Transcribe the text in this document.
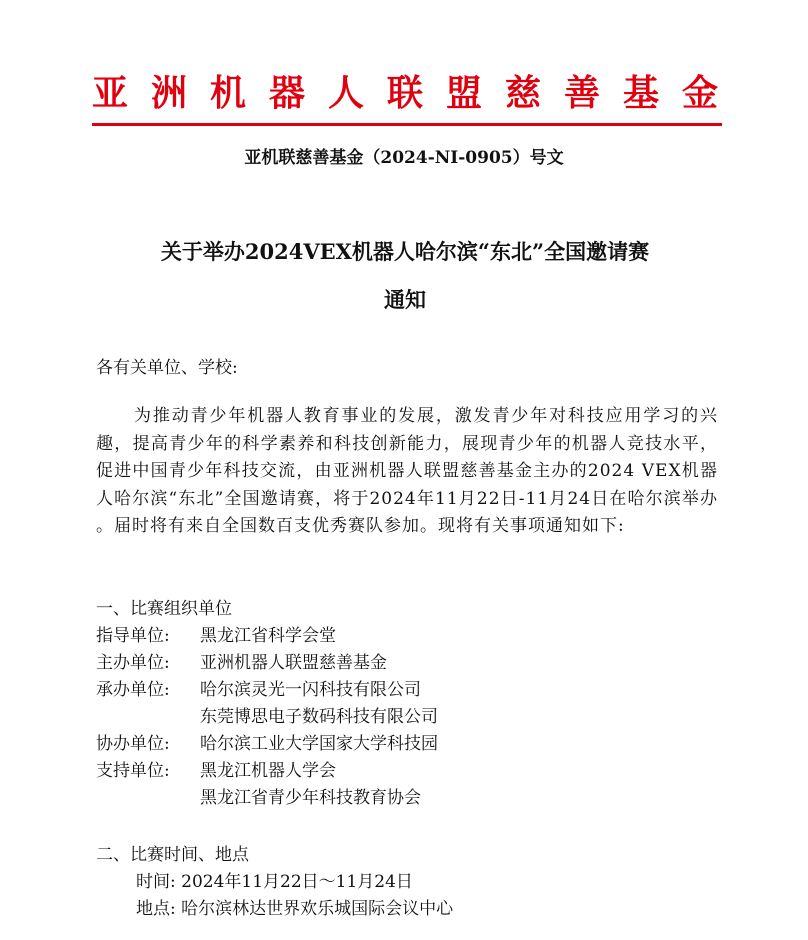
亚 洲 机 器 人 联 盟 慈 善 基 金
亚机联慈善基金（2024-NI-0905）号文
关于举办2024VEX机器人哈尔滨“东北”全国邀请赛
通知
各有关单位、学校:
为推动青少年机器人教育事业的发展，激发青少年对科技应用学习的兴趣，提高青少年的科学素养和科技创新能力，展现青少年的机器人竞技水平，促进中国青少年科技交流，由亚洲机器人联盟慈善基金主办的2024 VEX机器人哈尔滨“东北”全国邀请赛，将于2024年11月22日-11月24日在哈尔滨举办 。届时将有来自全国数百支优秀赛队参加。现将有关事项通知如下:
一、比赛组织单位
指导单位:	黑龙江省科学会堂
主办单位:	亚洲机器人联盟慈善基金
承办单位:	哈尔滨灵光一闪科技有限公司
东莞博思电子数码科技有限公司
协办单位:	哈尔滨工业大学国家大学科技园
支持单位:	黑龙江机器人学会
黑龙江省青少年科技教育协会
二、比赛时间、地点
时间: 2024年11月22日～11月24日
地点: 哈尔滨林达世界欢乐城国际会议中心
